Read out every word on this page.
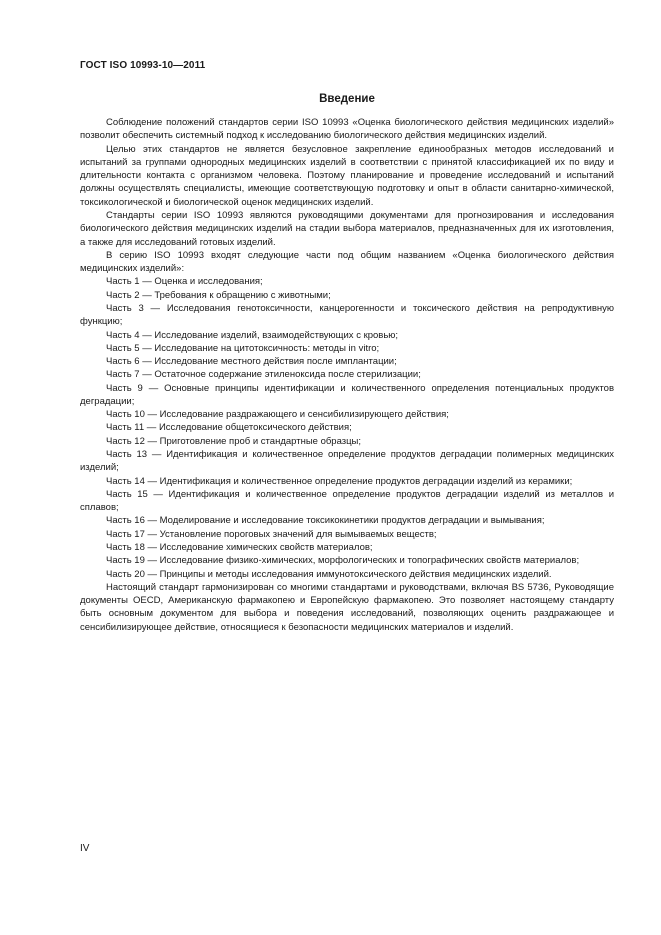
ГОСТ ISO 10993-10—2011
Введение

Соблюдение положений стандартов серии ISO 10993 «Оценка биологического действия медицинских изделий» позволит обеспечить системный подход к исследованию биологического действия медицинских изделий.

Целью этих стандартов не является безусловное закрепление единообразных методов исследований и испытаний за группами однородных медицинских изделий в соответствии с принятой классификацией их по виду и длительности контакта с организмом человека. Поэтому планирование и проведение исследований и испытаний должны осуществлять специалисты, имеющие соответствующую подготовку и опыт в области санитарно-химической, токсикологической и биологической оценок медицинских изделий.

Стандарты серии ISO 10993 являются руководящими документами для прогнозирования и исследования биологического действия медицинских изделий на стадии выбора материалов, предназначенных для их изготовления, а также для исследований готовых изделий.

В серию ISO 10993 входят следующие части под общим названием «Оценка биологического действия медицинских изделий»:

Часть 1 — Оценка и исследования;

Часть 2 — Требования к обращению с животными;

Часть 3 — Исследования генотоксичности, канцерогенности и токсического действия на репродуктивную функцию;

Часть 4 — Исследование изделий, взаимодействующих с кровью;

Часть 5 — Исследование на цитотоксичность: методы in vitro;

Часть 6 — Исследование местного действия после имплантации;

Часть 7 — Остаточное содержание этиленоксида после стерилизации;

Часть 9 — Основные принципы идентификации и количественного определения потенциальных продуктов деградации;

Часть 10 — Исследование раздражающего и сенсибилизирующего действия;

Часть 11 — Исследование общетоксического действия;

Часть 12 — Приготовление проб и стандартные образцы;

Часть 13 — Идентификация и количественное определение продуктов деградации полимерных медицинских изделий;

Часть 14 — Идентификация и количественное определение продуктов деградации изделий из керамики;

Часть 15 — Идентификация и количественное определение продуктов деградации изделий из металлов и сплавов;

Часть 16 — Моделирование и исследование токсикокинетики продуктов деградации и вымывания;

Часть 17 — Установление пороговых значений для вымываемых веществ;

Часть 18 — Исследование химических свойств материалов;

Часть 19 — Исследование физико-химических, морфологических и топографических свойств материалов;

Часть 20 — Принципы и методы исследования иммунотоксического действия медицинских изделий.

Настоящий стандарт гармонизирован со многими стандартами и руководствами, включая BS 5736, Руководящие документы OECD, Американскую фармакопею и Европейскую фармакопею. Это позволяет настоящему стандарту быть основным документом для выбора и поведения исследований, позволяющих оценить раздражающее и сенсибилизирующее действие, относящиеся к безопасности медицинских материалов и изделий.

IV
